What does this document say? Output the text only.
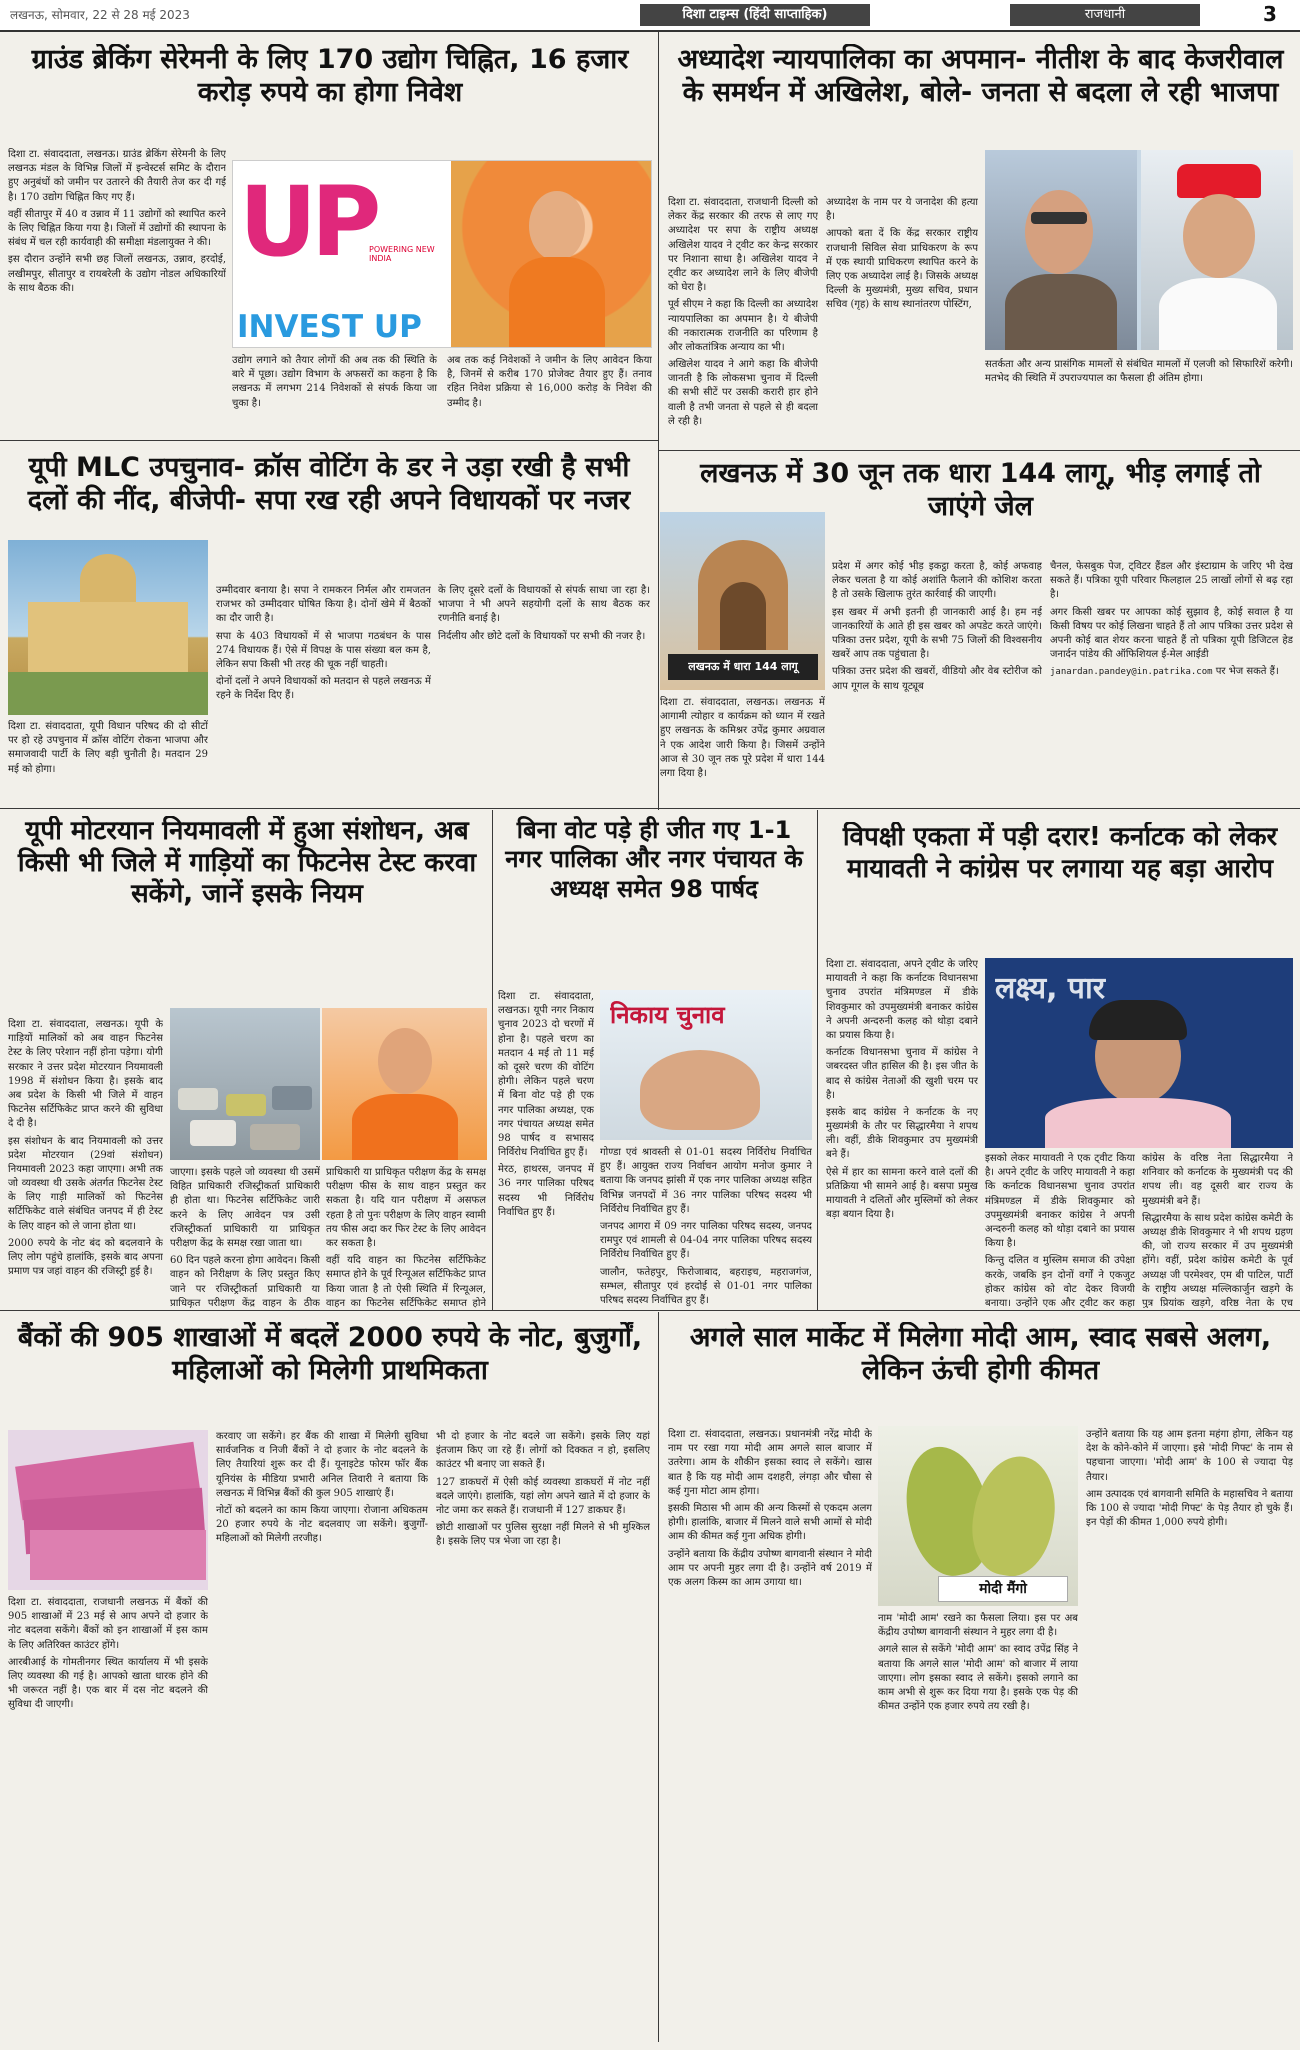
लखनऊ, सोमवार, 22 से 28 मई 2023	दिशा टाइम्स (हिंदी साप्ताहिक)	राजधानी	3
ग्राउंड ब्रेकिंग सेरेमनी के लिए 170 उद्योग चिह्नित, 16 हजार करोड़ रुपये का होगा निवेश
UP
POWERING NEW INDIA
INVEST UP

दिशा टा. संवाददाता, लखनऊ। ग्राउंड ब्रेकिंग सेरेमनी के लिए लखनऊ मंडल के विभिन्न जिलों में इन्वेस्टर्स समिट के दौरान हुए अनुबंधों को जमीन पर उतारने की तैयारी तेज कर दी गई है। 170 उद्योग चिह्नित किए गए हैं।

वहीं सीतापुर में 40 व उन्नाव में 11 उद्योगों को स्थापित करने के लिए चिह्नित किया गया है। जिलों में उद्योगों की स्थापना के संबंध में चल रही कार्यवाही की समीक्षा मंडलायुक्त ने की।

इस दौरान उन्होंने सभी छह जिलों लखनऊ, उन्नाव, हरदोई, लखीमपुर, सीतापुर व रायबरेली के उद्योग नोडल अधिकारियों के साथ बैठक की।

उद्योग लगाने को तैयार लोगों की अब तक की स्थिति के बारे में पूछा। उद्योग विभाग के अफसरों का कहना है कि लखनऊ में लगभग 214 निवेशकों से संपर्क किया जा चुका है।

अब तक कई निवेशकों ने जमीन के लिए आवेदन किया है, जिनमें से करीब 170 प्रोजेक्ट तैयार हुए हैं। तनाव रहित निवेश प्रक्रिया से 16,000 करोड़ के निवेश की उम्मीद है।

अध्यादेश न्यायपालिका का अपमान- नीतीश के बाद केजरीवाल के समर्थन में अखिलेश, बोले- जनता से बदला ले रही भाजपा

दिशा टा. संवाददाता, राजधानी दिल्ली को लेकर केंद्र सरकार की तरफ से लाए गए अध्यादेश पर सपा के राष्ट्रीय अध्यक्ष अखिलेश यादव ने ट्वीट कर केन्द्र सरकार पर निशाना साधा है। अखिलेश यादव ने ट्वीट कर अध्यादेश लाने के लिए बीजेपी को घेरा है।

पूर्व सीएम ने कहा कि दिल्ली का अध्यादेश न्यायपालिका का अपमान है। ये बीजेपी की नकारात्मक राजनीति का परिणाम है और लोकतांत्रिक अन्याय का भी।

अखिलेश यादव ने आगे कहा कि बीजेपी जानती है कि लोकसभा चुनाव में दिल्ली की सभी सीटें पर उसकी करारी हार होने वाली है तभी जनता से पहले से ही बदला ले रही है।

अध्यादेश के नाम पर ये जनादेश की हत्या है।

आपको बता दें कि केंद्र सरकार राष्ट्रीय राजधानी सिविल सेवा प्राधिकरण के रूप में एक स्थायी प्राधिकरण स्थापित करने के लिए एक अध्यादेश लाई है। जिसके अध्यक्ष दिल्ली के मुख्यमंत्री, मुख्य सचिव, प्रधान सचिव (गृह) के साथ स्थानांतरण पोस्टिंग,

सतर्कता और अन्य प्रासंगिक मामलों से संबंधित मामलों में एलजी को सिफारिशें करेगी। मतभेद की स्थिति में उपराज्यपाल का फैसला ही अंतिम होगा।

यूपी MLC उपचुनाव- क्रॉस वोटिंग के डर ने उड़ा रखी है सभी दलों की नींद, बीजेपी- सपा रख रही अपने विधायकों पर नजर

दिशा टा. संवाददाता, यूपी विधान परिषद की दो सीटों पर हो रहे उपचुनाव में क्रॉस वोटिंग रोकना भाजपा और समाजवादी पार्टी के लिए बड़ी चुनौती है। मतदान 29 मई को होगा।

उम्मीदवार बनाया है। सपा ने रामकरन निर्मल और रामजतन राजभर को उम्मीदवार घोषित किया है। दोनों खेमे में बैठकों का दौर जारी है।

सपा के 403 विधायकों में से भाजपा गठबंधन के पास 274 विधायक हैं। ऐसे में विपक्ष के पास संख्या बल कम है, लेकिन सपा किसी भी तरह की चूक नहीं चाहती।

दोनों दलों ने अपने विधायकों को मतदान से पहले लखनऊ में रहने के निर्देश दिए हैं।

के लिए दूसरे दलों के विधायकों से संपर्क साधा जा रहा है। भाजपा ने भी अपने सहयोगी दलों के साथ बैठक कर रणनीति बनाई है।

निर्दलीय और छोटे दलों के विधायकों पर सभी की नजर है।

लखनऊ में 30 जून तक धारा 144 लागू, भीड़ लगाई तो जाएंगे जेल
लखनऊ में धारा 144 लागू

दिशा टा. संवाददाता, लखनऊ। लखनऊ में आगामी त्योहार व कार्यक्रम को ध्यान में रखते हुए लखनऊ के कमिश्नर उपेंद्र कुमार अग्रवाल ने एक आदेश जारी किया है। जिसमें उन्होंने आज से 30 जून तक पूरे प्रदेश में धारा 144 लगा दिया है।

प्रदेश में अगर कोई भीड़ इकट्ठा करता है, कोई अफवाह लेकर चलता है या कोई अशांति फैलाने की कोशिश करता है तो उसके खिलाफ तुरंत कार्रवाई की जाएगी।

इस खबर में अभी इतनी ही जानकारी आई है। हम नई जानकारियों के आते ही इस खबर को अपडेट करते जाएंगे। पत्रिका उत्तर प्रदेश, यूपी के सभी 75 जिलों की विश्वसनीय खबरें आप तक पहुंचाता है।

पत्रिका उत्तर प्रदेश की खबरों, वीडियो और वेब स्टोरीज को आप गूगल के साथ यूट्यूब

चैनल, फेसबुक पेज, ट्विटर हैंडल और इंस्टाग्राम के जरिए भी देख सकते हैं। पत्रिका यूपी परिवार फिलहाल 25 लाखों लोगों से बढ़ रहा है।

अगर किसी खबर पर आपका कोई सुझाव है, कोई सवाल है या किसी विषय पर कोई लिखना चाहते हैं तो आप पत्रिका उत्तर प्रदेश से अपनी कोई बात शेयर करना चाहते हैं तो पत्रिका यूपी डिजिटल हेड जनार्दन पांडेय की ऑफिशियल ई-मेल आईडी

janardan.pandey@in.patrika.com पर भेज सकते हैं।

यूपी मोटरयान नियमावली में हुआ संशोधन, अब किसी भी जिले में गाड़ियों का फिटनेस टेस्ट करवा सकेंगे, जानें इसके नियम

दिशा टा. संवाददाता, लखनऊ। यूपी के गाड़ियों मालिकों को अब वाहन फिटनेस टेस्ट के लिए परेशान नहीं होना पड़ेगा। योगी सरकार ने उत्तर प्रदेश मोटरयान नियमावली 1998 में संशोधन किया है। इसके बाद अब प्रदेश के किसी भी जिले में वाहन फिटनेस सर्टिफिकेट प्राप्त करने की सुविधा दे दी है।

इस संशोधन के बाद नियमावली को उत्तर प्रदेश मोटरयान (29वां संशोधन) नियमावली 2023 कहा जाएगा। अभी तक जो व्यवस्था थी उसके अंतर्गत फिटनेस टेस्ट के लिए गाड़ी मालिकों को फिटनेस सर्टिफिकेट वाले संबंधित जनपद में ही टेस्ट के लिए वाहन को ले जाना होता था।

2000 रुपये के नोट बंद को बदलवाने के लिए लोग पहुंचे हालांकि, इसके बाद अपना प्रमाण पत्र जहां वाहन की रजिस्ट्री हुई है।

जाएगा। इसके पहले जो व्यवस्था थी उसमें विहित प्राधिकारी रजिस्ट्रीकर्ता प्राधिकारी ही होता था। फिटनेस सर्टिफिकेट जारी करने के लिए आवेदन पत्र उसी रजिस्ट्रीकर्ता प्राधिकारी या प्राधिकृत परीक्षण केंद्र के समक्ष रखा जाता था।

60 दिन पहले करना होगा आवेदन। किसी वाहन को निरीक्षण के लिए प्रस्तुत किए जाने पर रजिस्ट्रीकर्ता प्राधिकारी या प्राधिकृत परीक्षण केंद्र वाहन के ठीक

प्राधिकारी या प्राधिकृत परीक्षण केंद्र के समक्ष परीक्षण फीस के साथ वाहन प्रस्तुत कर सकता है। यदि यान परीक्षण में असफल रहता है तो पुनः परीक्षण के लिए वाहन स्वामी तय फीस अदा कर फिर टेस्ट के लिए आवेदन कर सकता है।

वहीं यदि वाहन का फिटनेस सर्टिफिकेट समाप्त होने के पूर्व रिन्यूअल सर्टिफिकेट प्राप्त किया जाता है तो ऐसी स्थिति में रिन्यूअल, वाहन का फिटनेस सर्टिफिकेट समाप्त होने

बिना वोट पड़े ही जीत गए 1-1 नगर पालिका और नगर पंचायत के अध्यक्ष समेत 98 पार्षद
निकाय चुनाव

दिशा टा. संवाददाता, लखनऊ। यूपी नगर निकाय चुनाव 2023 दो चरणों में होना है। पहले चरण का मतदान 4 मई तो 11 मई को दूसरे चरण की वोटिंग होगी। लेकिन पहले चरण में बिना वोट पड़े ही एक नगर पालिका अध्यक्ष, एक नगर पंचायत अध्यक्ष समेत 98 पार्षद व सभासद निर्विरोध निर्वाचित हुए हैं।

मेरठ, हाथरस, जनपद में 36 नगर पालिका परिषद सदस्य भी निर्विरोध निर्वाचित हुए हैं।

गोण्डा एवं श्रावस्ती से 01-01 सदस्य निर्विरोध निर्वाचित हुए हैं। आयुक्त राज्य निर्वाचन आयोग मनोज कुमार ने बताया कि जनपद झांसी में एक नगर पालिका अध्यक्ष सहित विभिन्न जनपदों में 36 नगर पालिका परिषद सदस्य भी निर्विरोध निर्वाचित हुए हैं।

जनपद आगरा में 09 नगर पालिका परिषद सदस्य, जनपद रामपुर एवं शामली से 04-04 नगर पालिका परिषद सदस्य निर्विरोध निर्वाचित हुए हैं।

जालौन, फतेहपुर, फिरोजाबाद, बहराइच, महराजगंज, सम्भल, सीतापुर एवं हरदोई से 01-01 नगर पालिका परिषद सदस्य निर्वाचित हुए हैं।

विपक्षी एकता में पड़ी दरार! कर्नाटक को लेकर मायावती ने कांग्रेस पर लगाया यह बड़ा आरोप
लक्ष्य, पार

दिशा टा. संवाददाता, अपने ट्वीट के जरिए मायावती ने कहा कि कर्नाटक विधानसभा चुनाव उपरांत मंत्रिमण्डल में डीके शिवकुमार को उपमुख्यमंत्री बनाकर कांग्रेस ने अपनी अन्दरुनी कलह को थोड़ा दबाने का प्रयास किया है।

कर्नाटक विधानसभा चुनाव में कांग्रेस ने जबरदस्त जीत हासिल की है। इस जीत के बाद से कांग्रेस नेताओं की खुशी चरम पर है।

इसके बाद कांग्रेस ने कर्नाटक के नए मुख्यमंत्री के तौर पर सिद्धारमैया ने शपथ ली। वहीं, डीके शिवकुमार उप मुख्यमंत्री बने हैं।

ऐसे में हार का सामना करने वाले दलों की प्रतिक्रिया भी सामने आई है। बसपा प्रमुख मायावती ने दलितों और मुस्लिमों को लेकर बड़ा बयान दिया है।

इसको लेकर मायावती ने एक ट्वीट किया है। अपने ट्वीट के जरिए मायावती ने कहा कि कर्नाटक विधानसभा चुनाव उपरांत मंत्रिमण्डल में डीके शिवकुमार को उपमुख्यमंत्री बनाकर कांग्रेस ने अपनी अन्दरुनी कलह को थोड़ा दबाने का प्रयास किया है।

किन्तु दलित व मुस्लिम समाज की उपेक्षा करके, जबकि इन दोनों वर्गों ने एकजुट होकर कांग्रेस को वोट देकर विजयी बनाया। उन्होंने एक और ट्वीट कर कहा

कांग्रेस के वरिष्ठ नेता सिद्धारमैया ने शनिवार को कर्नाटक के मुख्यमंत्री पद की शपथ ली। वह दूसरी बार राज्य के मुख्यमंत्री बने हैं।

सिद्धारमैया के साथ प्रदेश कांग्रेस कमेटी के अध्यक्ष डीके शिवकुमार ने भी शपथ ग्रहण की, जो राज्य सरकार में उप मुख्यमंत्री होंगे। वहीं, प्रदेश कांग्रेस कमेटी के पूर्व अध्यक्ष जी परमेश्वर, एम बी पाटिल, पार्टी के राष्ट्रीय अध्यक्ष मल्लिकार्जुन खड़गे के पुत्र प्रियांक खड़गे, वरिष्ठ नेता के एच

बैंकों की 905 शाखाओं में बदलें 2000 रुपये के नोट, बुजुर्गों, महिलाओं को मिलेगी प्राथमिकता

दिशा टा. संवाददाता, राजधानी लखनऊ में बैंकों की 905 शाखाओं में 23 मई से आप अपने दो हजार के नोट बदलवा सकेंगे। बैंकों को इन शाखाओं में इस काम के लिए अतिरिक्त काउंटर होंगे।

आरबीआई के गोमतीनगर स्थित कार्यालय में भी इसके लिए व्यवस्था की गई है। आपको खाता धारक होने की भी जरूरत नहीं है। एक बार में दस नोट बदलने की सुविधा दी जाएगी।

करवाए जा सकेंगे। हर बैंक की शाखा में मिलेगी सुविधा सार्वजनिक व निजी बैंकों ने दो हजार के नोट बदलने के लिए तैयारियां शुरू कर दी हैं। यूनाइटेड फोरम फॉर बैंक यूनियंस के मीडिया प्रभारी अनिल तिवारी ने बताया कि लखनऊ में विभिन्न बैंकों की कुल 905 शाखाएं हैं।

नोटों को बदलने का काम किया जाएगा। रोजाना अधिकतम 20 हजार रुपये के नोट बदलवाए जा सकेंगे। बुजुर्गों-महिलाओं को मिलेगी तरजीह।

भी दो हजार के नोट बदले जा सकेंगे। इसके लिए यहां इंतजाम किए जा रहे हैं। लोगों को दिक्कत न हो, इसलिए काउंटर भी बनाए जा सकते हैं।

127 डाकघरों में ऐसी कोई व्यवस्था डाकघरों में नोट नहीं बदले जाएंगे। हालांकि, यहां लोग अपने खाते में दो हजार के नोट जमा कर सकते हैं। राजधानी में 127 डाकघर हैं।

छोटी शाखाओं पर पुलिस सुरक्षा नहीं मिलने से भी मुश्किल है। इसके लिए पत्र भेजा जा रहा है।

अगले साल मार्केट में मिलेगा मोदी आम, स्वाद सबसे अलग, लेकिन ऊंची होगी कीमत
मोदी मैंगो

दिशा टा. संवाददाता, लखनऊ। प्रधानमंत्री नरेंद्र मोदी के नाम पर रखा गया मोदी आम अगले साल बाजार में उतरेगा। आम के शौकीन इसका स्वाद ले सकेंगे। खास बात है कि यह मोदी आम दशहरी, लंगड़ा और चौसा से कई गुना मोटा आम होगा।

इसकी मिठास भी आम की अन्य किस्मों से एकदम अलग होगी। हालांकि, बाजार में मिलने वाले सभी आमों से मोदी आम की कीमत कई गुना अधिक होगी।

उन्होंने बताया कि केंद्रीय उपोष्ण बागवानी संस्थान ने मोदी आम पर अपनी मुहर लगा दी है। उन्होंने वर्ष 2019 में एक अलग किस्म का आम उगाया था।

नाम 'मोदी आम' रखने का फैसला लिया। इस पर अब केंद्रीय उपोष्ण बागवानी संस्थान ने मुहर लगा दी है।

अगले साल से सकेंगे 'मोदी आम' का स्वाद उपेंद्र सिंह ने बताया कि अगले साल 'मोदी आम' को बाजार में लाया जाएगा। लोग इसका स्वाद ले सकेंगे। इसको लगाने का काम अभी से शुरू कर दिया गया है। इसके एक पेड़ की कीमत उन्होंने एक हजार रुपये तय रखी है।

उन्होंने बताया कि यह आम इतना महंगा होगा, लेकिन यह देश के कोने-कोने में जाएगा। इसे 'मोदी गिफ्ट' के नाम से पहचाना जाएगा। 'मोदी आम' के 100 से ज्यादा पेड़ तैयार।

आम उत्पादक एवं बागवानी समिति के महासचिव ने बताया कि 100 से ज्यादा 'मोदी गिफ्ट' के पेड़ तैयार हो चुके हैं। इन पेड़ों की कीमत 1,000 रुपये होगी।
